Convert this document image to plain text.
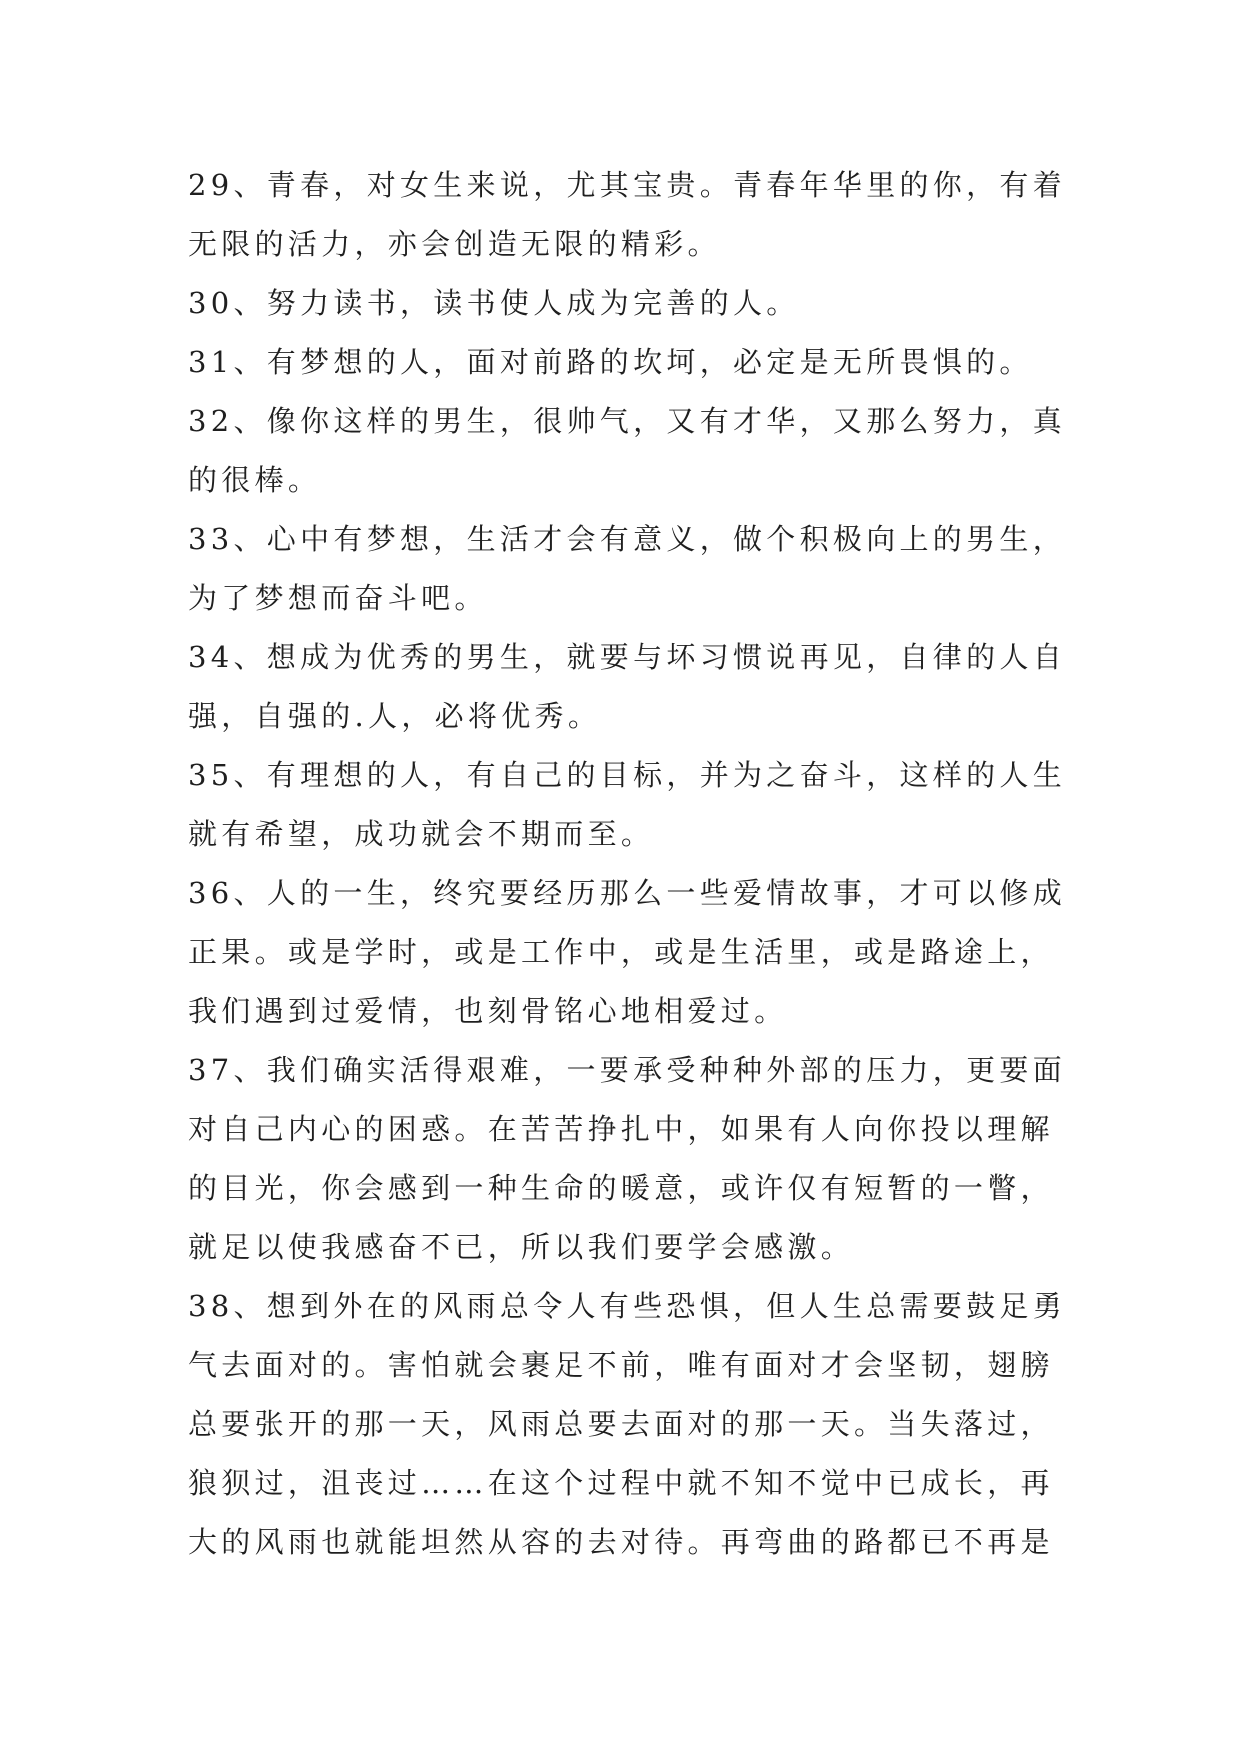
29、青春，对女生来说，尤其宝贵。青春年华里的你，有着
无限的活力，亦会创造无限的精彩。
30、努力读书，读书使人成为完善的人。
31、有梦想的人，面对前路的坎坷，必定是无所畏惧的。
32、像你这样的男生，很帅气，又有才华，又那么努力，真
的很棒。
33、心中有梦想，生活才会有意义，做个积极向上的男生，
为了梦想而奋斗吧。
34、想成为优秀的男生，就要与坏习惯说再见，自律的人自
强，自强的.人，必将优秀。
35、有理想的人，有自己的目标，并为之奋斗，这样的人生
就有希望，成功就会不期而至。
36、人的一生，终究要经历那么一些爱情故事，才可以修成
正果。或是学时，或是工作中，或是生活里，或是路途上，
我们遇到过爱情，也刻骨铭心地相爱过。
37、我们确实活得艰难，一要承受种种外部的压力，更要面
对自己内心的困惑。在苦苦挣扎中，如果有人向你投以理解
的目光，你会感到一种生命的暖意，或许仅有短暂的一瞥，
就足以使我感奋不已，所以我们要学会感激。
38、想到外在的风雨总令人有些恐惧，但人生总需要鼓足勇
气去面对的。害怕就会裹足不前，唯有面对才会坚韧，翅膀
总要张开的那一天，风雨总要去面对的那一天。当失落过，
狼狈过，沮丧过……在这个过程中就不知不觉中已成长，再
大的风雨也就能坦然从容的去对待。再弯曲的路都已不再是
